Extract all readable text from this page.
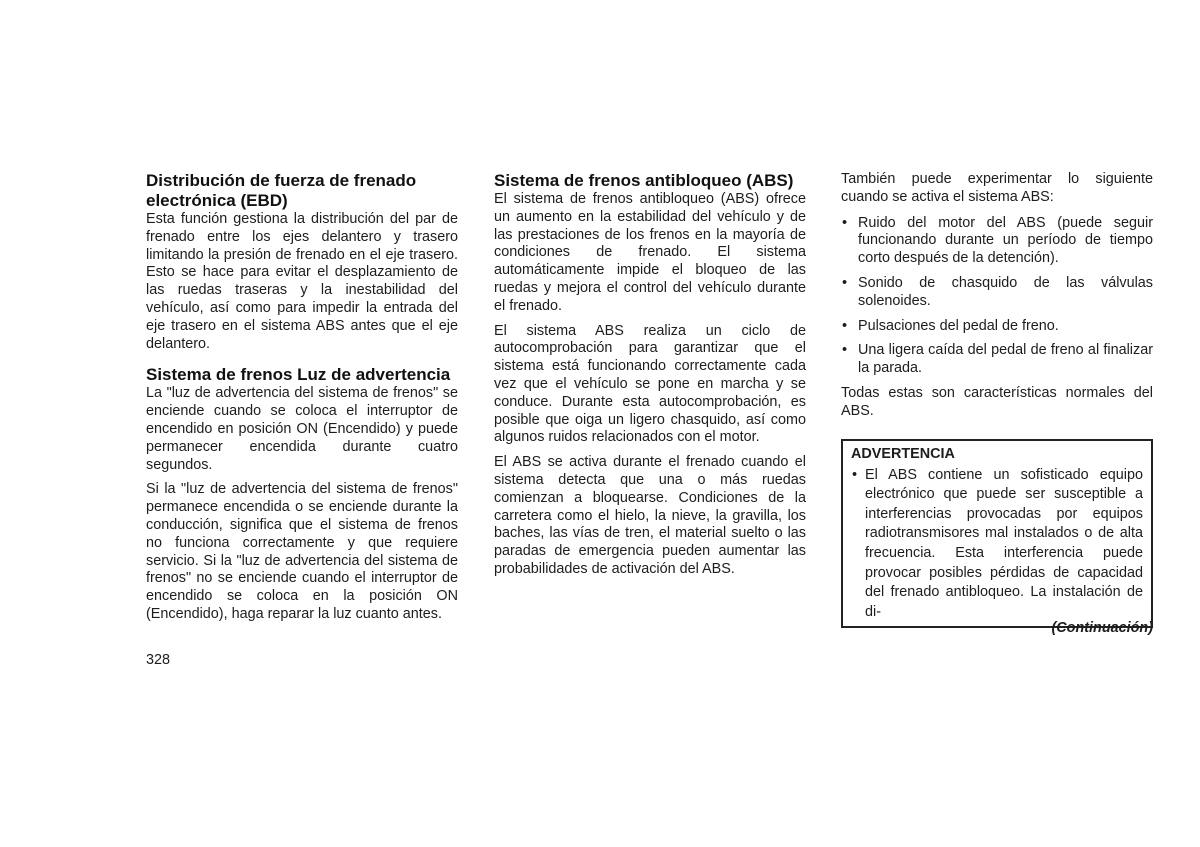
Distribución de fuerza de frenado electrónica (EBD)

Esta función gestiona la distribución del par de frenado entre los ejes delantero y trasero limitando la presión de frenado en el eje trasero. Esto se hace para evitar el desplazamiento de las ruedas traseras y la inestabilidad del vehículo, así como para impedir la entrada del eje trasero en el sistema ABS antes que el eje delantero.

Sistema de frenos Luz de advertencia

La "luz de advertencia del sistema de frenos" se enciende cuando se coloca el interruptor de encendido en posición ON (Encendido) y puede permanecer encendida durante cuatro segundos.

Si la "luz de advertencia del sistema de frenos" permanece encendida o se enciende durante la conducción, significa que el sistema de frenos no funciona correctamente y que requiere servicio. Si la "luz de advertencia del sistema de frenos" no se enciende cuando el interruptor de encendido se coloca en la posición ON (Encendido), haga reparar la luz cuanto antes.

Sistema de frenos antibloqueo (ABS)

El sistema de frenos antibloqueo (ABS) ofrece un aumento en la estabilidad del vehículo y de las prestaciones de los frenos en la mayoría de condiciones de frenado. El sistema automáticamente impide el bloqueo de las ruedas y mejora el control del vehículo durante el frenado.

El sistema ABS realiza un ciclo de autocomprobación para garantizar que el sistema está funcionando correctamente cada vez que el vehículo se pone en marcha y se conduce. Durante esta autocomprobación, es posible que oiga un ligero chasquido, así como algunos ruidos relacionados con el motor.

El ABS se activa durante el frenado cuando el sistema detecta que una o más ruedas comienzan a bloquearse. Condiciones de la carretera como el hielo, la nieve, la gravilla, los baches, las vías de tren, el material suelto o las paradas de emergencia pueden aumentar las probabilidades de activación del ABS.

También puede experimentar lo siguiente cuando se activa el sistema ABS:

• Ruido del motor del ABS (puede seguir funcionando durante un período de tiempo corto después de la detención).
• Sonido de chasquido de las válvulas solenoides.
• Pulsaciones del pedal de freno.
• Una ligera caída del pedal de freno al finalizar la parada.

Todas estas son características normales del ABS.

ADVERTENCIA
• El ABS contiene un sofisticado equipo electrónico que puede ser susceptible a interferencias provocadas por equipos radiotransmisores mal instalados o de alta frecuencia. Esta interferencia puede provocar posibles pérdidas de capacidad del frenado antibloqueo. La instalación de di-
(Continuación)
328
